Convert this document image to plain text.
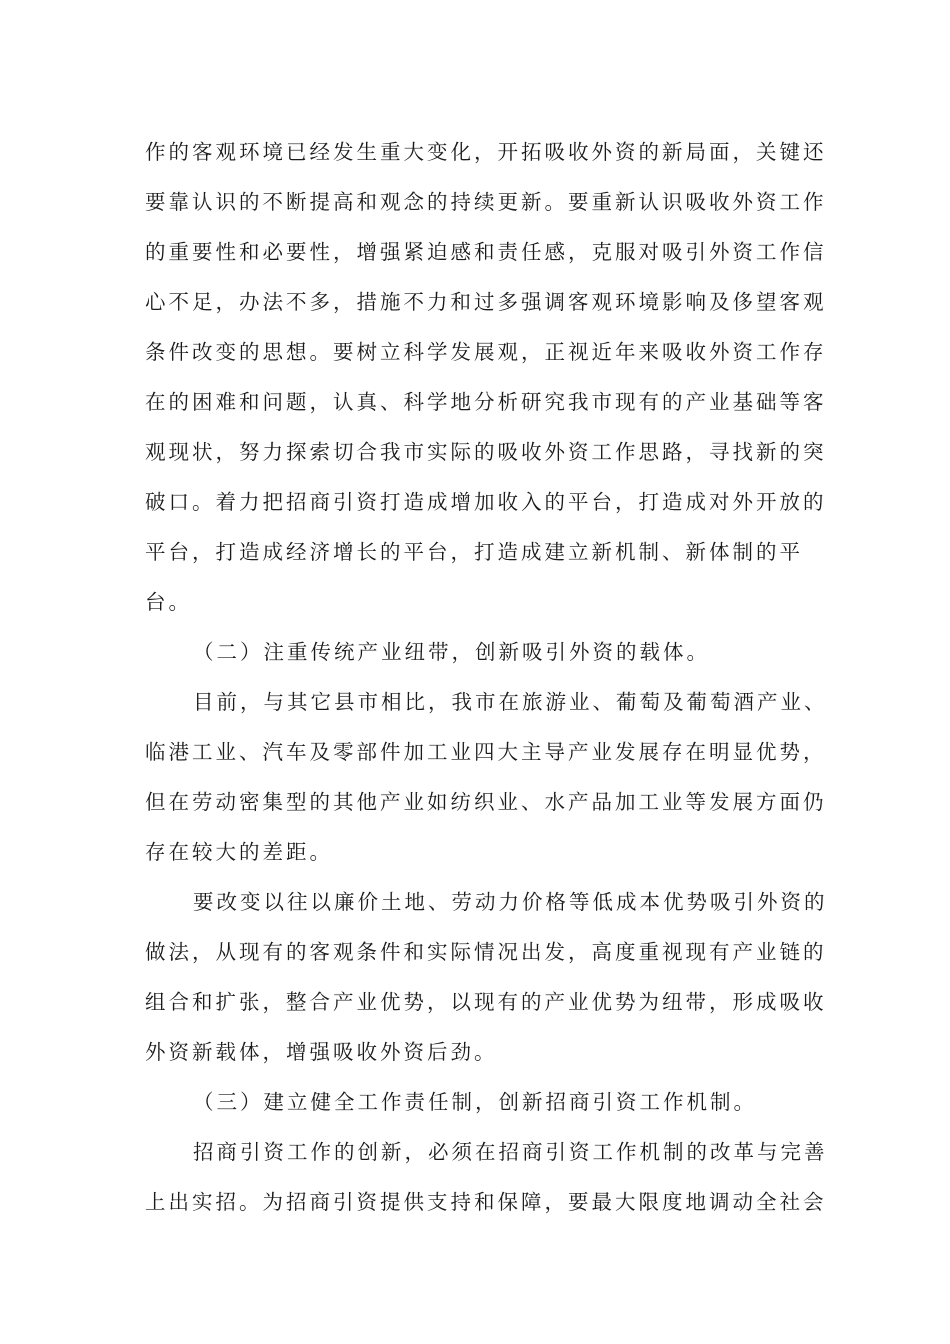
作的客观环境已经发生重大变化，开拓吸收外资的新局面，关键还
要靠认识的不断提高和观念的持续更新。要重新认识吸收外资工作
的重要性和必要性，增强紧迫感和责任感，克服对吸引外资工作信
心不足，办法不多，措施不力和过多强调客观环境影响及侈望客观
条件改变的思想。要树立科学发展观，正视近年来吸收外资工作存
在的困难和问题，认真、科学地分析研究我市现有的产业基础等客
观现状，努力探索切合我市实际的吸收外资工作思路，寻找新的突
破口。着力把招商引资打造成增加收入的平台，打造成对外开放的
平台，打造成经济增长的平台，打造成建立新机制、新体制的平
台。
（二）注重传统产业纽带，创新吸引外资的载体。
目前，与其它县市相比，我市在旅游业、葡萄及葡萄酒产业、
临港工业、汽车及零部件加工业四大主导产业发展存在明显优势，
但在劳动密集型的其他产业如纺织业、水产品加工业等发展方面仍
存在较大的差距。
要改变以往以廉价土地、劳动力价格等低成本优势吸引外资的
做法，从现有的客观条件和实际情况出发，高度重视现有产业链的
组合和扩张，整合产业优势，以现有的产业优势为纽带，形成吸收
外资新载体，增强吸收外资后劲。
（三）建立健全工作责任制，创新招商引资工作机制。
招商引资工作的创新，必须在招商引资工作机制的改革与完善
上出实招。为招商引资提供支持和保障，要最大限度地调动全社会
